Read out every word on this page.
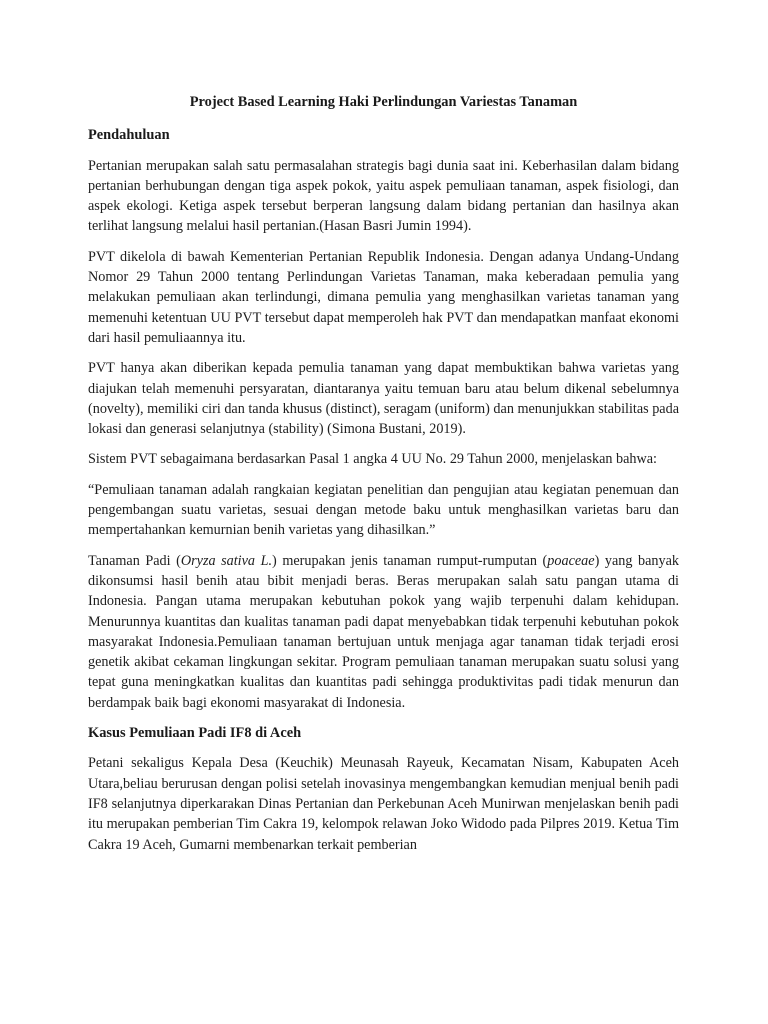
Project Based Learning Haki Perlindungan Variestas Tanaman
Pendahuluan

Pertanian merupakan salah satu permasalahan strategis bagi dunia saat ini. Keberhasilan dalam bidang pertanian berhubungan dengan tiga aspek pokok, yaitu aspek pemuliaan tanaman, aspek fisiologi, dan aspek ekologi. Ketiga aspek tersebut berperan langsung dalam bidang pertanian dan hasilnya akan terlihat langsung melalui hasil pertanian.(Hasan Basri Jumin 1994).

PVT dikelola di bawah Kementerian Pertanian Republik Indonesia. Dengan adanya Undang-Undang Nomor 29 Tahun 2000 tentang Perlindungan Varietas Tanaman, maka keberadaan pemulia yang melakukan pemuliaan akan terlindungi, dimana pemulia yang menghasilkan varietas tanaman yang memenuhi ketentuan UU PVT tersebut dapat memperoleh hak PVT dan mendapatkan manfaat ekonomi dari hasil pemuliaannya itu.

PVT hanya akan diberikan kepada pemulia tanaman yang dapat membuktikan bahwa varietas yang diajukan telah memenuhi persyaratan, diantaranya yaitu temuan baru atau belum dikenal sebelumnya (novelty), memiliki ciri dan tanda khusus (distinct), seragam (uniform) dan menunjukkan stabilitas pada lokasi dan generasi selanjutnya (stability) (Simona Bustani, 2019).

Sistem PVT sebagaimana berdasarkan Pasal 1 angka 4 UU No. 29 Tahun 2000, menjelaskan bahwa:

“Pemuliaan tanaman adalah rangkaian kegiatan penelitian dan pengujian atau kegiatan penemuan dan pengembangan suatu varietas, sesuai dengan metode baku untuk menghasilkan varietas baru dan mempertahankan kemurnian benih varietas yang dihasilkan.”

Tanaman Padi (Oryza sativa L.) merupakan jenis tanaman rumput-rumputan (poaceae) yang banyak dikonsumsi hasil benih atau bibit menjadi beras. Beras merupakan salah satu pangan utama di Indonesia. Pangan utama merupakan kebutuhan pokok yang wajib terpenuhi dalam kehidupan. Menurunnya kuantitas dan kualitas tanaman padi dapat menyebabkan tidak terpenuhi kebutuhan pokok masyarakat Indonesia.Pemuliaan tanaman bertujuan untuk menjaga agar tanaman tidak terjadi erosi genetik akibat cekaman lingkungan sekitar. Program pemuliaan tanaman merupakan suatu solusi yang tepat guna meningkatkan kualitas dan kuantitas padi sehingga produktivitas padi tidak menurun dan berdampak baik bagi ekonomi masyarakat di Indonesia.

Kasus Pemuliaan Padi IF8 di Aceh

Petani sekaligus Kepala Desa (Keuchik) Meunasah Rayeuk, Kecamatan Nisam, Kabupaten Aceh Utara,beliau berurusan dengan polisi setelah inovasinya mengembangkan kemudian menjual benih padi IF8 selanjutnya diperkarakan Dinas Pertanian dan Perkebunan Aceh Munirwan menjelaskan benih padi itu merupakan pemberian Tim Cakra 19, kelompok relawan Joko Widodo pada Pilpres 2019. Ketua Tim Cakra 19 Aceh, Gumarni membenarkan terkait pemberian
